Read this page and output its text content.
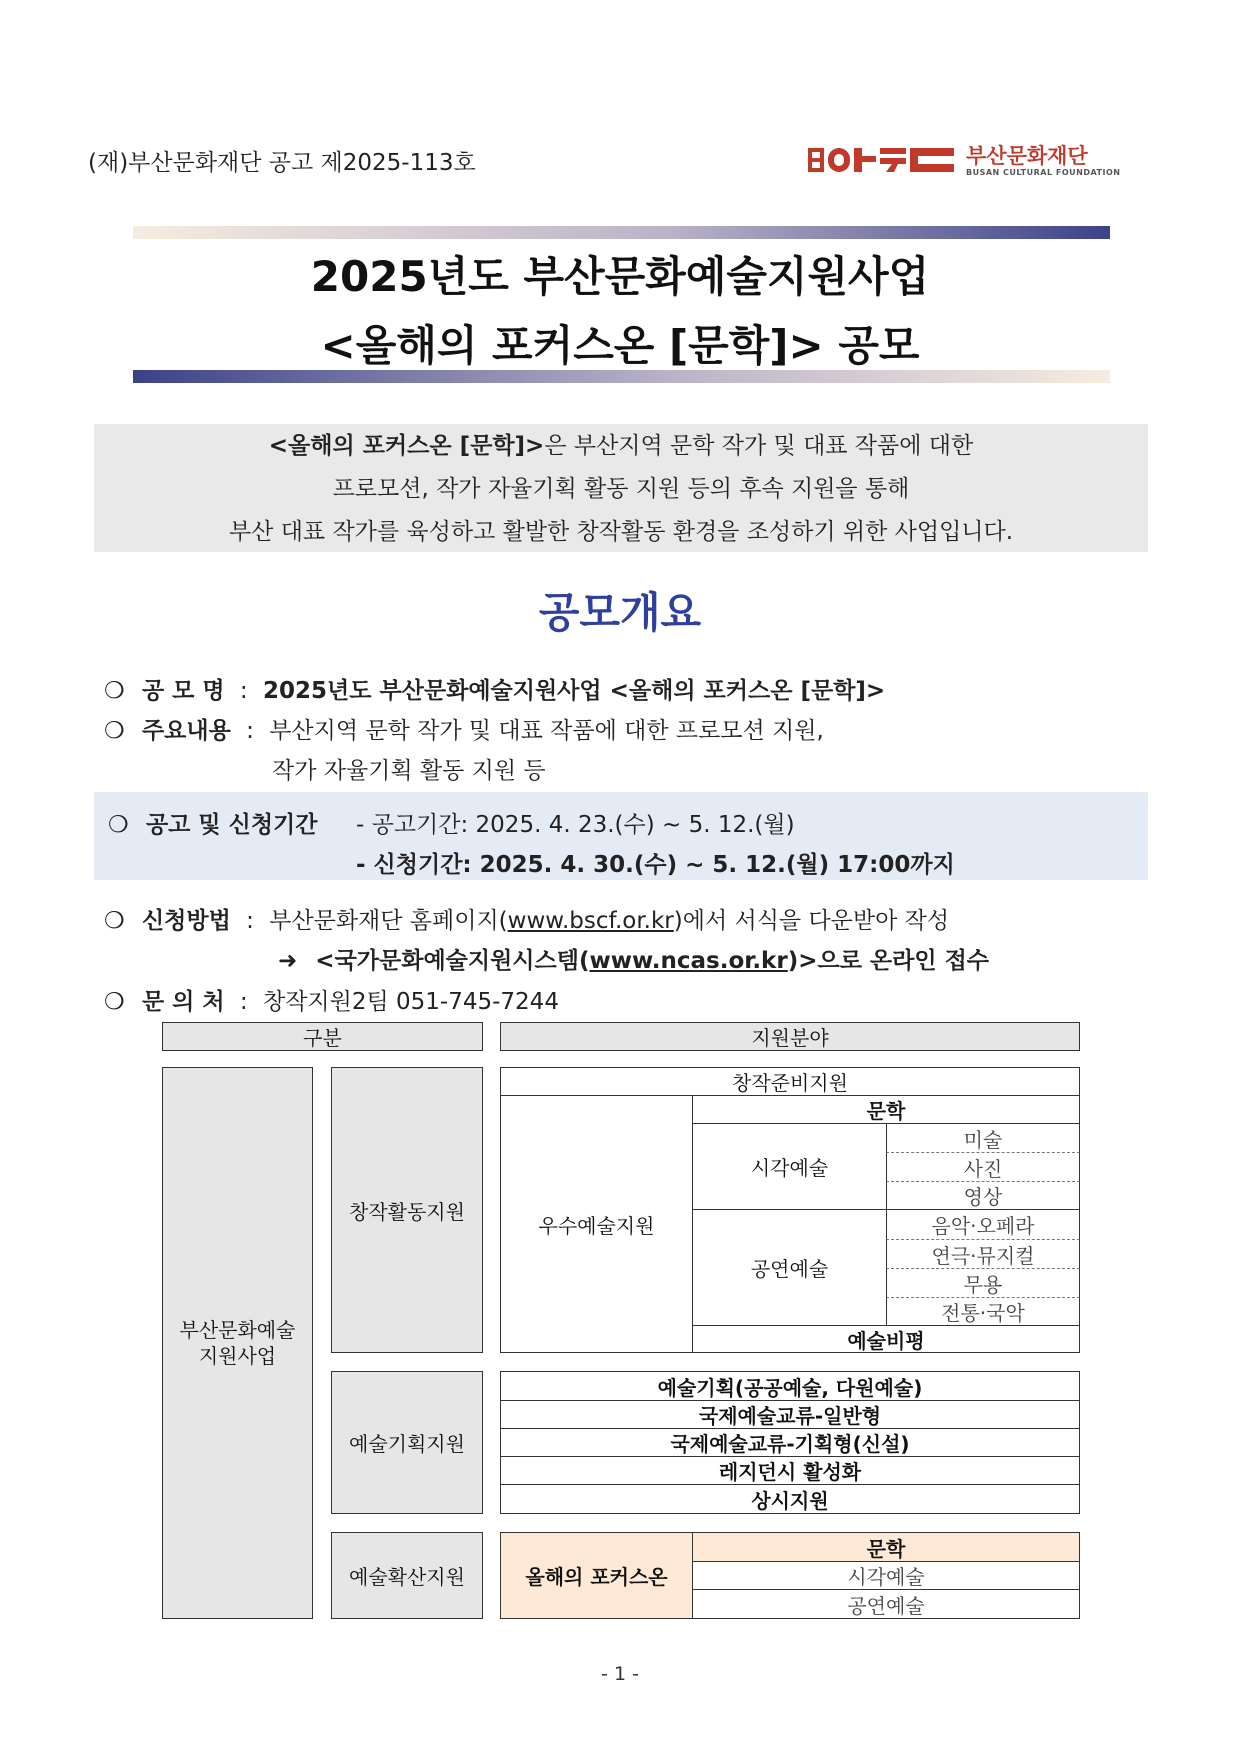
(재)부산문화재단 공고 제2025-113호	부산문화재단
BUSAN CULTURAL FOUNDATION
2025년도 부산문화예술지원사업
<올해의 포커스온 [문학]> 공모

<올해의 포커스온 [문학]>은 부산지역 문학 작가 및 대표 작품에 대한

프로모션, 작가 자율기획 활동 지원 등의 후속 지원을 통해

부산 대표 작가를 육성하고 활발한 창작활동 환경을 조성하기 위한 사업입니다.

공모개요
❍ 공 모 명 : 2025년도 부산문화예술지원사업 <올해의 포커스온 [문학]>
❍ 주요내용 : 부산지역 문학 작가 및 대표 작품에 대한 프로모션 지원,
작가 자율기획 활동 지원 등
❍ 공고 및 신청기간 - 공고기간: 2025. 4. 23.(수) ~ 5. 12.(월)
- 신청기간: 2025. 4. 30.(수) ~ 5. 12.(월) 17:00까지
❍ 신청방법 : 부산문화재단 홈페이지(www.bscf.or.kr)에서 서식을 다운받아 작성
➜ <국가문화예술지원시스템(www.ncas.or.kr)>으로 온라인 접수
❍ 문 의 처 : 창작지원2팀 051-745-7244
구분	지원분야
부산문화예술
지원사업
창작활동지원
예술기획지원
예술확산지원
창작준비지원
우수예술지원
문학
시각예술
미술
사진
영상
공연예술
음악·오페라
연극·뮤지컬
무용
전통·국악
예술비평
예술기획(공공예술, 다원예술)
국제예술교류-일반형
국제예술교류-기획형(신설)
레지던시 활성화
상시지원
올해의 포커스온
문학
시각예술
공연예술
- 1 -
